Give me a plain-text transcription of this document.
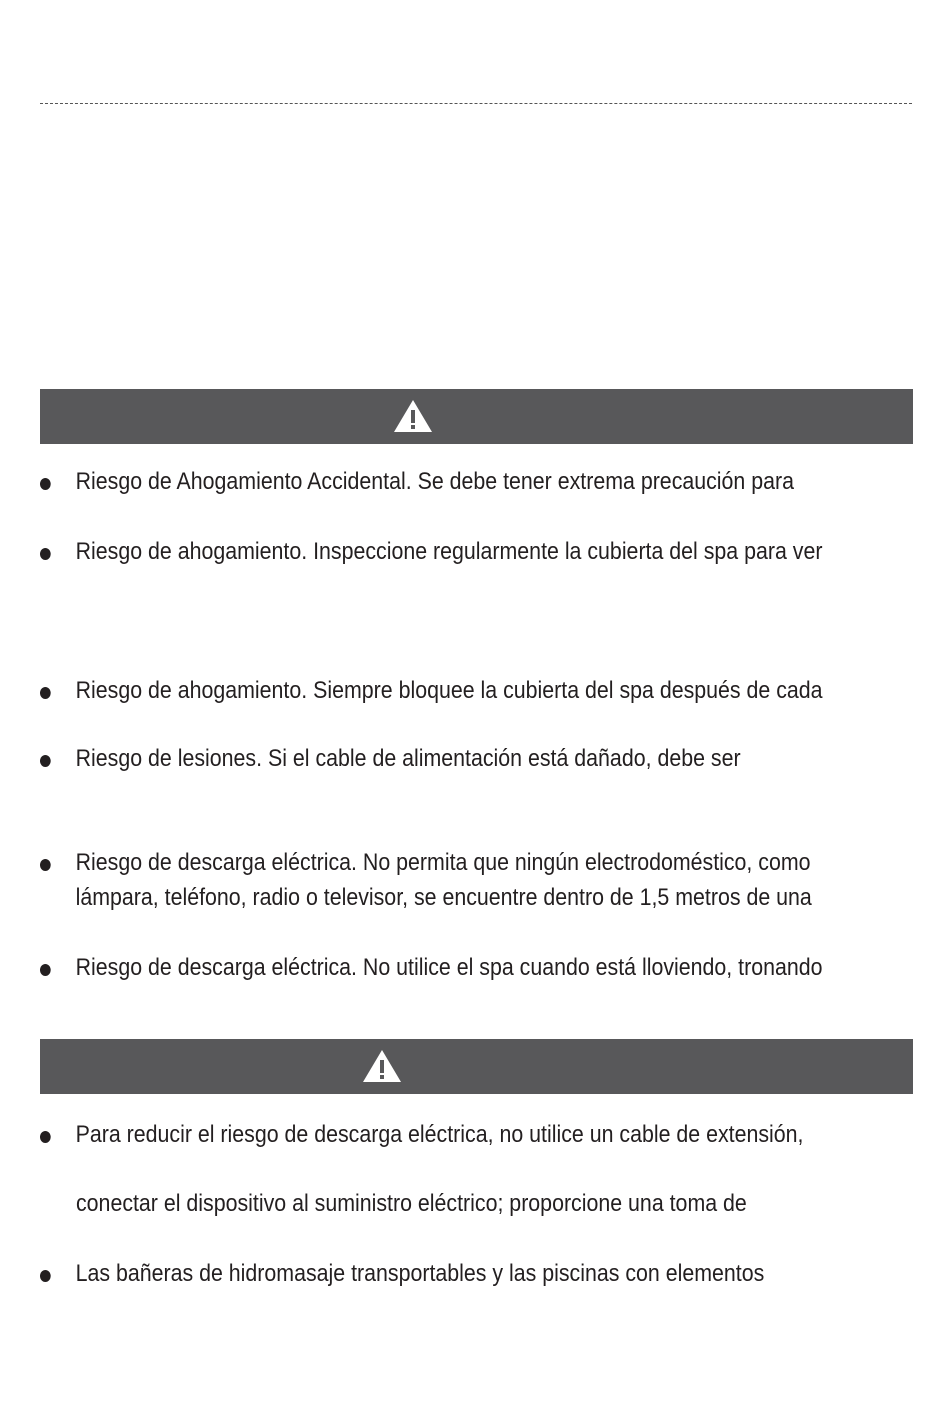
Riesgo de Ahogamiento Accidental. Se debe tener extrema precaución para
Riesgo de ahogamiento. Inspeccione regularmente la cubierta del spa para ver
Riesgo de ahogamiento. Siempre bloquee la cubierta del spa después de cada
Riesgo de lesiones. Si el cable de alimentación está dañado, debe ser
Riesgo de descarga eléctrica. No permita que ningún electrodoméstico, como
lámpara, teléfono, radio o televisor, se encuentre dentro de 1,5 metros de una
Riesgo de descarga eléctrica. No utilice el spa cuando está lloviendo, tronando
Para reducir el riesgo de descarga eléctrica, no utilice un cable de extensión,
conectar el dispositivo al suministro eléctrico; proporcione una toma de
Las bañeras de hidromasaje transportables y las piscinas con elementos
